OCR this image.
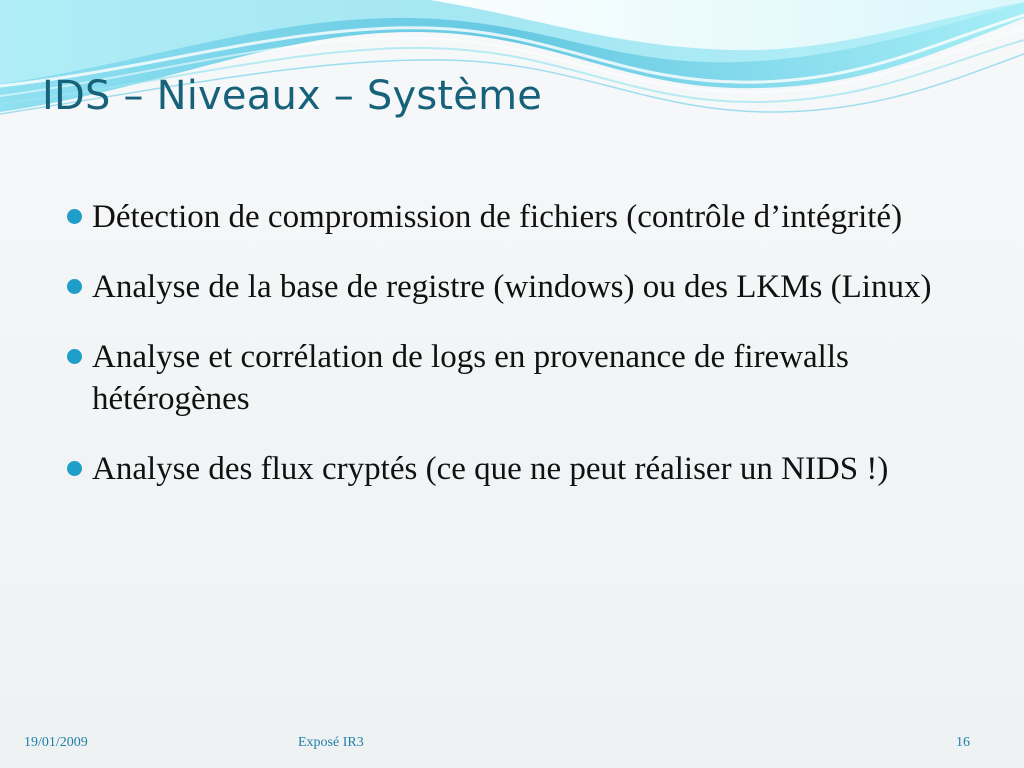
IDS – Niveaux – Système
Détection de compromission de fichiers (contrôle d’intégrité)
Analyse de la base de registre (windows) ou des LKMs (Linux)
Analyse et corrélation de logs en provenance de firewalls hétérogènes
Analyse des flux cryptés (ce que ne peut réaliser un NIDS !)
19/01/2009	Exposé IR3	16
